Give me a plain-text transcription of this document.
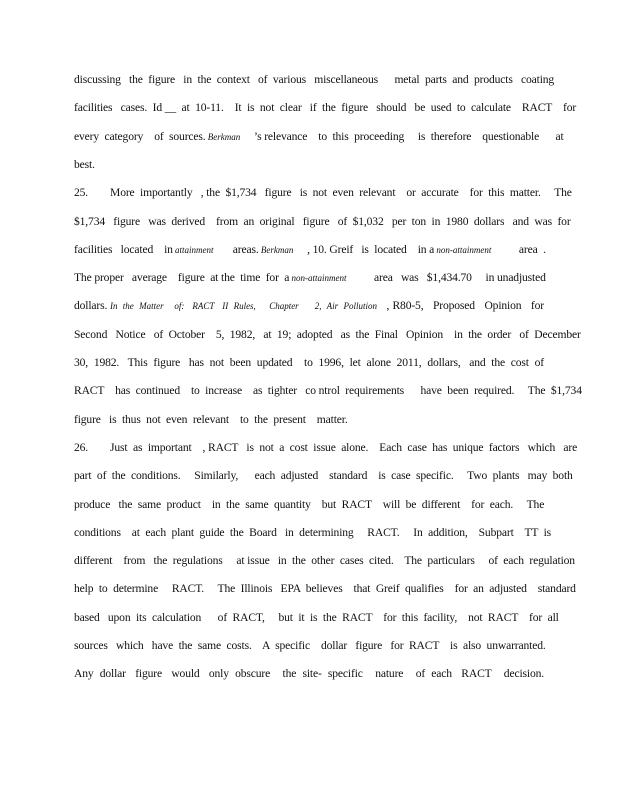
discussing   the  figure   in  the  context   of  various   miscellaneous      metal  parts  and  products   coating
facilities   cases.  Id __  at  10-11.    It  is  not  clear   if  the  figure   should   be  used  to  calculate    RACT    for
every  category    of  sources. Berkman     ’s relevance    to  this  proceeding     is  therefore    questionable      at
best.
25.        More  importantly   , the  $1,734   figure   is  not  even  relevant    or  accurate    for  this  matter.     The
$1,734   figure   was  derived    from  an  original   figure   of  $1,032   per  ton  in  1980  dollars   and  was  for
facilities   located    in attainment       areas. Berkman     , 10. Greif   is  located    in a non-attainment          area  .
The proper   average    figure  at the  time  for  a non-attainment          area   was   $1,434.70     in unadjusted
dollars. In  the  Matter    of:   RACT   II  Rules,     Chapter      2,  Air  Pollution   , R80-5,   Proposed   Opinion   for
Second   Notice   of  October    5,  1982,   at  19;  adopted   as  the  Final   Opinion    in  the  order   of  December
30,  1982.   This  figure   has  not  been  updated    to  1996,  let  alone  2011,  dollars,   and  the  cost  of
RACT    has  continued    to  increase    as  tighter   co ntrol  requirements      have  been  required.     The  $1,734
figure   is  thus  not  even  relevant    to  the  present    matter.
26.        Just  as  important    , RACT   is  not  a  cost  issue  alone.    Each  case  has  unique  factors   which   are
part  of  the  conditions.     Similarly,      each  adjusted    standard    is  case  specific.     Two  plants   may  both
produce   the  same  product    in  the  same  quantity    but  RACT    will  be  different    for  each.     The
conditions    at  each  plant  guide  the  Board   in  determining     RACT.     In  addition,    Subpart    TT  is
different    from   the  regulations     at issue   in  the  other  cases  cited.    The  particulars     of  each  regulation
help  to  determine     RACT.     The  Illinois   EPA  believes    that  Greif  qualifies    for  an  adjusted    standard
based   upon  its  calculation      of  RACT,     but  it  is  the  RACT    for  this  facility,    not  RACT    for  all
sources   which   have  the  same  costs.    A  specific    dollar   figure   for  RACT    is  also  unwarranted.
Any  dollar   figure   would   only  obscure    the  site-  specific    nature    of  each   RACT    decision.
